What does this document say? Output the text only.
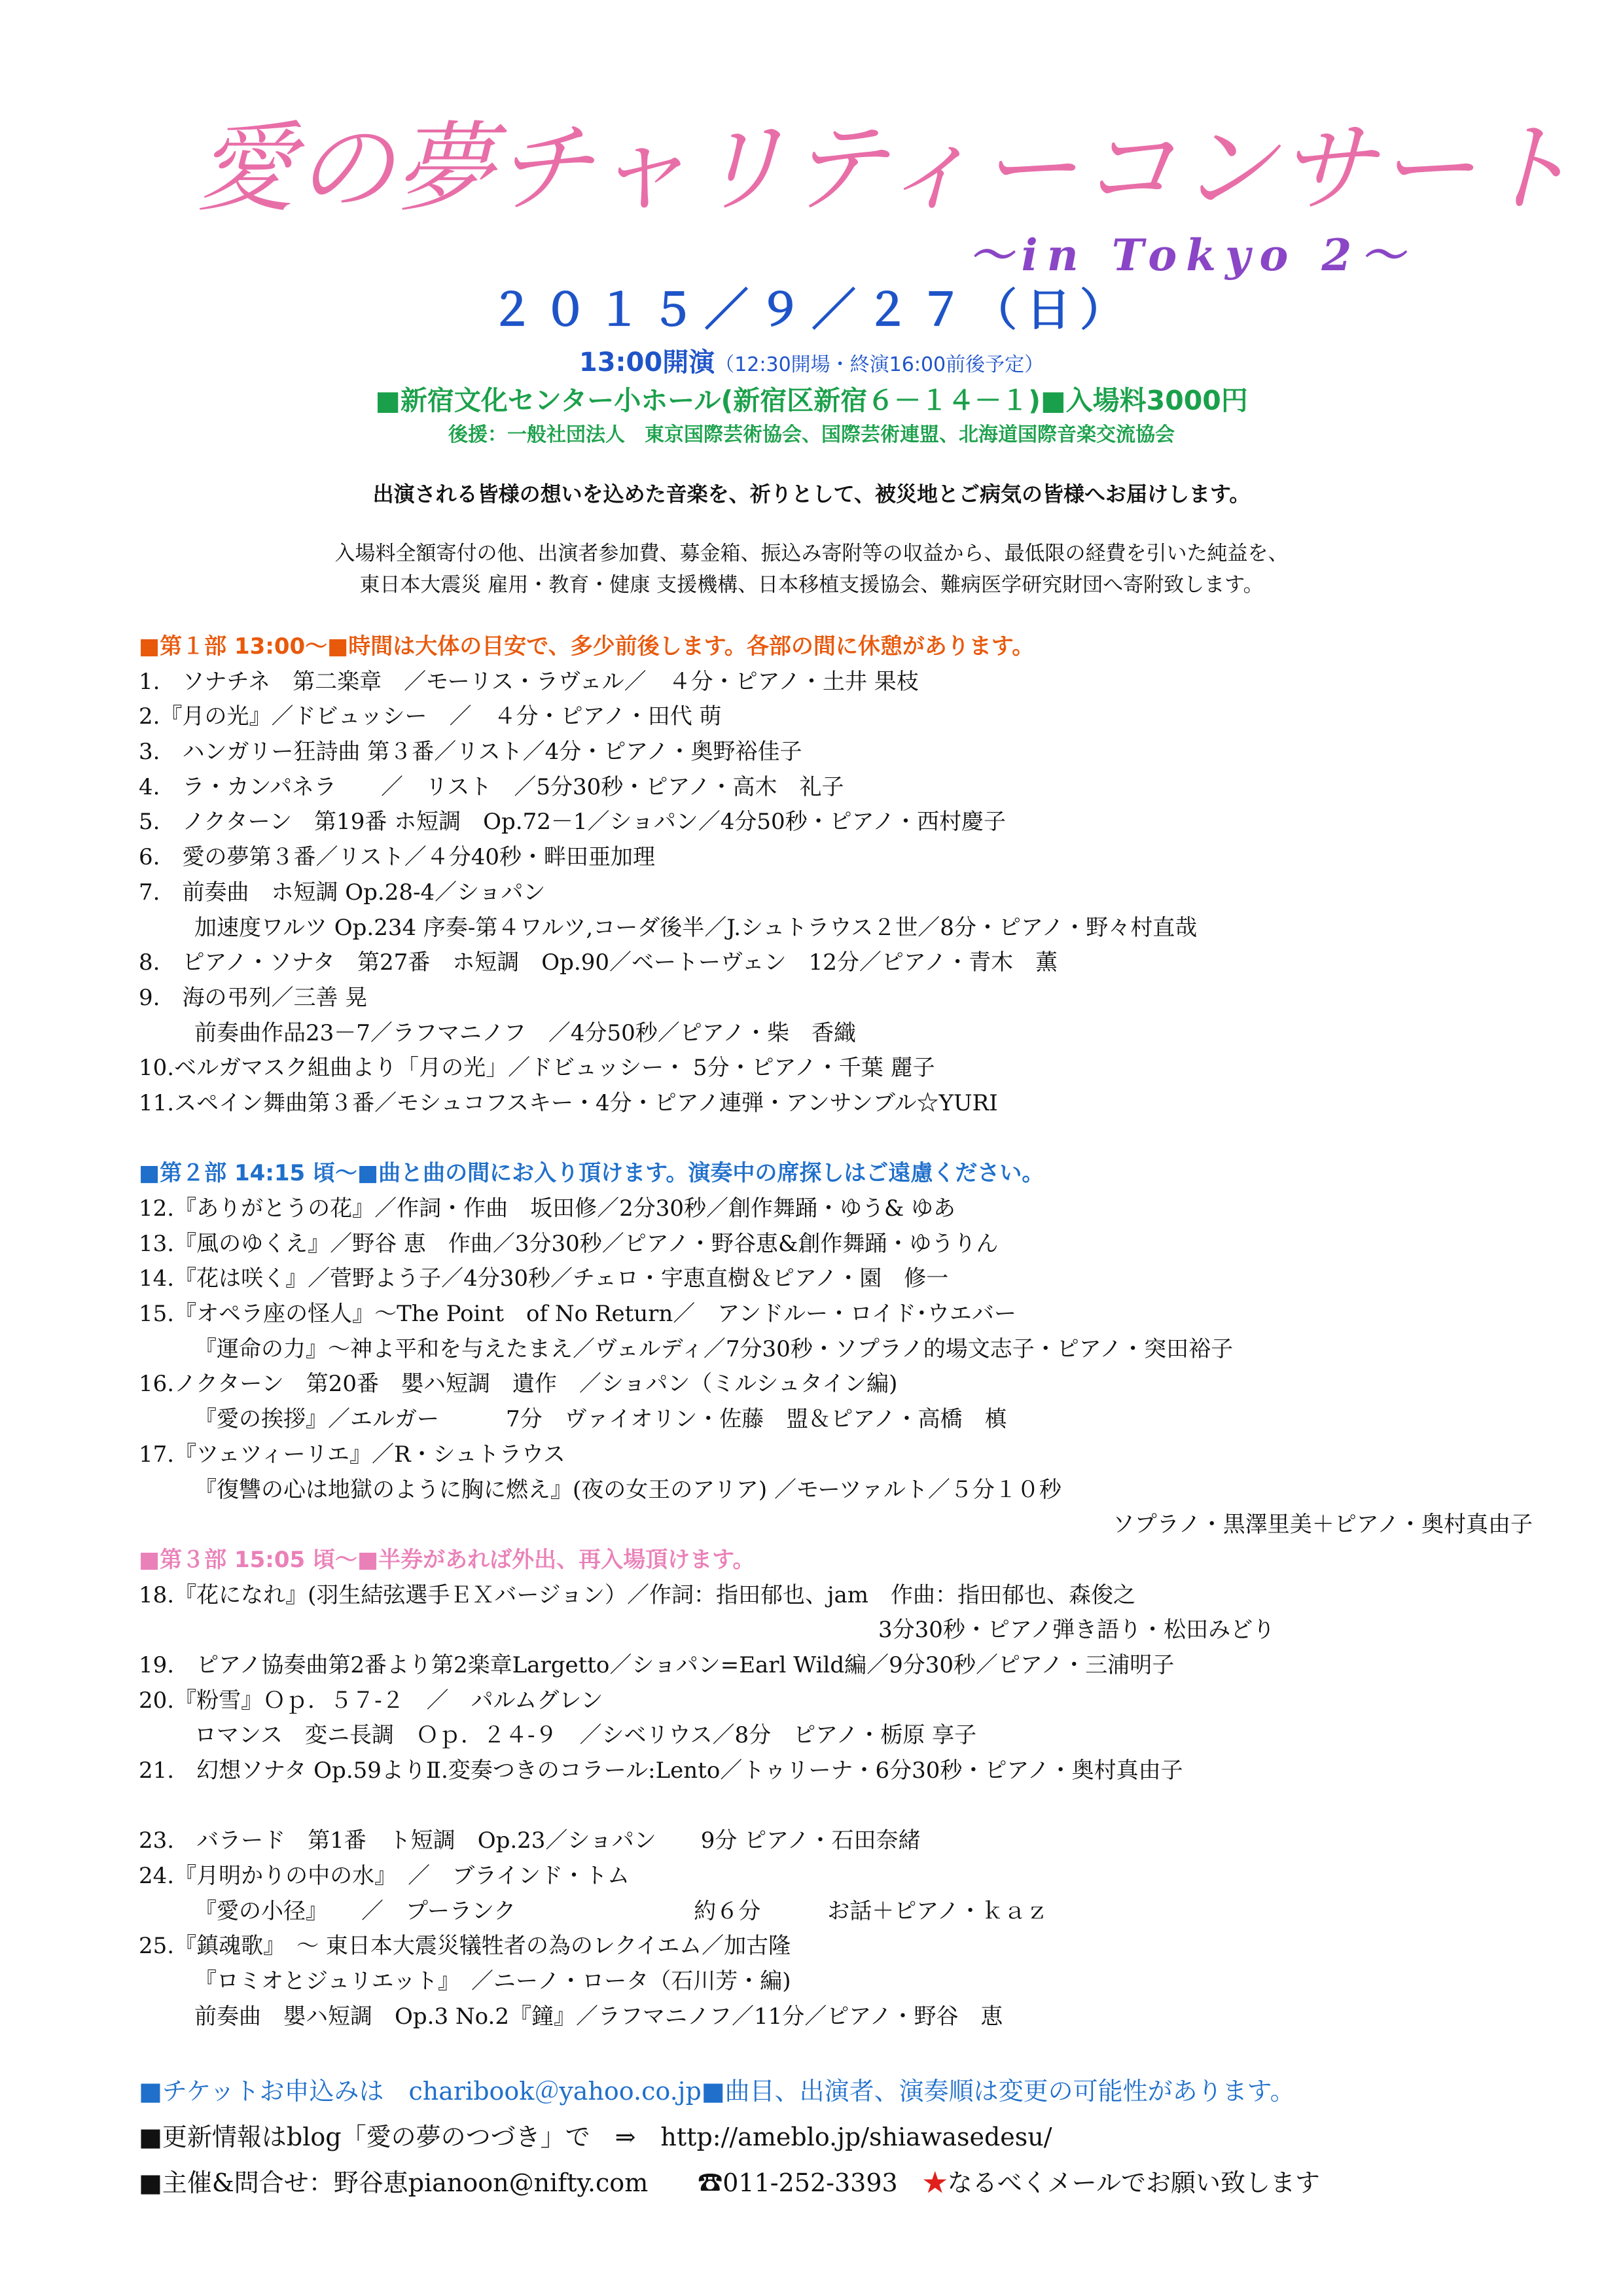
愛の夢チャリティーコンサート
～in Tokyo 2～
２０１５／９／２７（日）
13:00開演（12:30開場・終演16:00前後予定）
■新宿文化センター小ホール(新宿区新宿６－１４－１)■入場料3000円
後援：一般社団法人　東京国際芸術協会、国際芸術連盟、北海道国際音楽交流協会
出演される皆様の想いを込めた音楽を、祈りとして、被災地とご病気の皆様へお届けします。
入場料全額寄付の他、出演者参加費、募金箱、振込み寄附等の収益から、最低限の経費を引いた純益を、
東日本大震災 雇用・教育・健康 支援機構、日本移植支援協会、難病医学研究財団へ寄附致します。
■第１部 13:00～■時間は大体の目安で、多少前後します。各部の間に休憩があります。
1.　ソナチネ　第二楽章　／モーリス・ラヴェル／　４分・ピアノ・土井 果枝
2.『月の光』／ドビュッシー　／　４分・ピアノ・田代 萌
3.　ハンガリー狂詩曲 第３番／リスト／4分・ピアノ・奥野裕佳子
4.　ラ・カンパネラ　　／　リスト　／5分30秒・ピアノ・高木　礼子
5.　ノクターン　第19番 ホ短調　Op.72－1／ショパン／4分50秒・ピアノ・西村慶子
6.　愛の夢第３番／リスト／４分40秒・畔田亜加理
7.　前奏曲　ホ短調 Op.28-4／ショパン
加速度ワルツ Op.234 序奏-第４ワルツ,コーダ後半／J.シュトラウス２世／8分・ピアノ・野々村直哉
8.　ピアノ・ソナタ　第27番　ホ短調　Op.90／ベートーヴェン　12分／ピアノ・青木　薫
9.　海の弔列／三善 晃
前奏曲作品23－7／ラフマニノフ　／4分50秒／ピアノ・柴　香織
10.ベルガマスク組曲より「月の光」／ドビュッシー・ 5分・ピアノ・千葉 麗子
11.スペイン舞曲第３番／モシュコフスキー・4分・ピアノ連弾・アンサンブル☆YURI
■第２部 14:15 頃～■曲と曲の間にお入り頂けます。演奏中の席探しはご遠慮ください。
12.『ありがとうの花』／作詞・作曲　坂田修／2分30秒／創作舞踊・ゆう& ゆあ
13.『風のゆくえ』／野谷 恵　作曲／3分30秒／ピアノ・野谷恵&創作舞踊・ゆうりん
14.『花は咲く』／菅野よう子／4分30秒／チェロ・宇恵直樹＆ピアノ・園　修一
15.『オペラ座の怪人』～The Point　of No Return／　アンドルー・ロイド･ウエバー
『運命の力』～神よ平和を与えたまえ／ヴェルディ／7分30秒・ソプラノ的場文志子・ピアノ・突田裕子
16.ノクターン　第20番　嬰ハ短調　遺作　／ショパン（ミルシュタイン編)
『愛の挨拶』／エルガー　　　7分　ヴァイオリン・佐藤　盟＆ピアノ・高橋　槙
17.『ツェツィーリエ』／R・シュトラウス
『復讐の心は地獄のように胸に燃え』(夜の女王のアリア) ／モーツァルト／５分１０秒
ソプラノ・黒澤里美＋ピアノ・奥村真由子
■第３部 15:05 頃～■半券があれば外出、再入場頂けます。
18.『花になれ』(羽生結弦選手ＥＸバージョン）／作詞：指田郁也、jam　作曲：指田郁也、森俊之
3分30秒・ピアノ弾き語り・松田みどり
19.　ピアノ協奏曲第2番より第2楽章Largetto／ショパン=Earl Wild編／9分30秒／ピアノ・三浦明子
20.『粉雪』Ｏｐ．５７-２　／　パルムグレン
ロマンス　変ニ長調　Ｏｐ．２４-９　／シベリウス／8分　ピアノ・栃原 享子
21.　幻想ソナタ Op.59よりⅡ.変奏つきのコラール:Lento／トゥリーナ・6分30秒・ピアノ・奥村真由子
23.　バラード　第1番　ト短調　Op.23／ショパン　　9分 ピアノ・石田奈緒
24.『月明かりの中の水』　／　ブラインド・トム
『愛の小径』　　／　プーランク　　　　　　　　約６分　　　お話＋ピアノ・ｋａｚ
25.『鎮魂歌』　～ 東日本大震災犠牲者の為のレクイエム／加古隆
『ロミオとジュリエット』　／ニーノ・ロータ（石川芳・編)
前奏曲　嬰ハ短調　Op.3 No.2『鐘』／ラフマニノフ／11分／ピアノ・野谷　恵
■チケットお申込みは　charibook＠yahoo.co.jp■曲目、出演者、演奏順は変更の可能性があります。
■更新情報はblog「愛の夢のつづき」で　⇒　http://ameblo.jp/shiawasedesu/
■主催&問合せ：野谷恵pianoon@nifty.com　　 ☎011-252-3393　 ★なるべくメールでお願い致します
